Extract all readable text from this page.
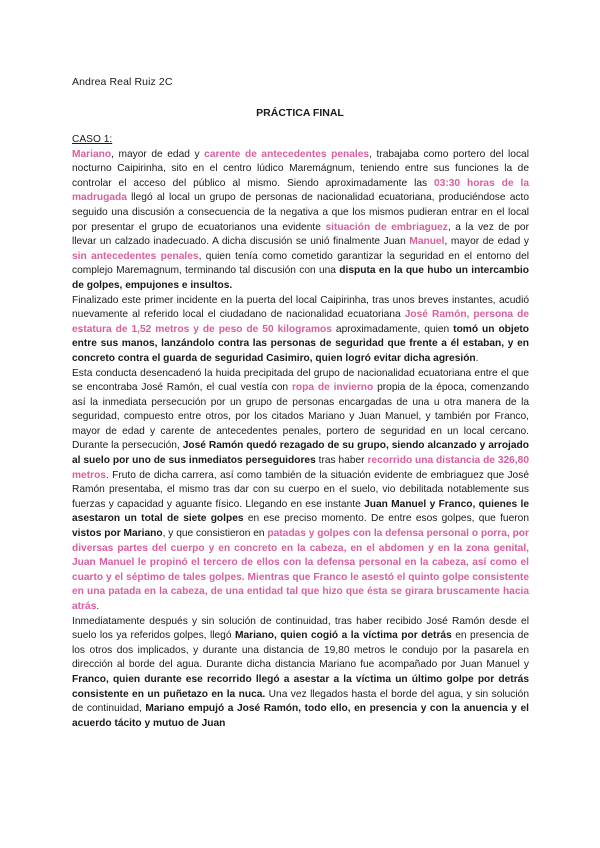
Andrea Real Ruiz 2C
PRÁCTICA FINAL
CASO 1:

Mariano, mayor de edad y carente de antecedentes penales, trabajaba como portero del local nocturno Caipirinha, sito en el centro lúdico Maremágnum, teniendo entre sus funciones la de controlar el acceso del público al mismo. Siendo aproximadamente las 03:30 horas de la madrugada llegó al local un grupo de personas de nacionalidad ecuatoriana, produciéndose acto seguido una discusión a consecuencia de la negativa a que los mismos pudieran entrar en el local por presentar el grupo de ecuatorianos una evidente situación de embriaguez, a la vez de por llevar un calzado inadecuado. A dicha discusión se unió finalmente Juan Manuel, mayor de edad y sin antecedentes penales, quien tenía como cometido garantizar la seguridad en el entorno del complejo Maremagnum, terminando tal discusión con una disputa en la que hubo un intercambio de golpes, empujones e insultos.

Finalizado este primer incidente en la puerta del local Caipirinha, tras unos breves instantes, acudió nuevamente al referido local el ciudadano de nacionalidad ecuatoriana José Ramón, persona de estatura de 1,52 metros y de peso de 50 kilogramos aproximadamente, quien tomó un objeto entre sus manos, lanzándolo contra las personas de seguridad que frente a él estaban, y en concreto contra el guarda de seguridad Casimiro, quien logró evitar dicha agresión.

Esta conducta desencadenó la huida precipitada del grupo de nacionalidad ecuatoriana entre el que se encontraba José Ramón, el cual vestía con ropa de invierno propia de la época, comenzando así la inmediata persecución por un grupo de personas encargadas de una u otra manera de la seguridad, compuesto entre otros, por los citados Mariano y Juan Manuel, y también por Franco, mayor de edad y carente de antecedentes penales, portero de seguridad en un local cercano. Durante la persecución, José Ramón quedó rezagado de su grupo, siendo alcanzado y arrojado al suelo por uno de sus inmediatos perseguidores tras haber recorrido una distancia de 326,80 metros. Fruto de dicha carrera, así como también de la situación evidente de embriaguez que José Ramón presentaba, el mismo tras dar con su cuerpo en el suelo, vio debilitada notablemente sus fuerzas y capacidad y aguante físico. Llegando en ese instante Juan Manuel y Franco, quienes le asestaron un total de siete golpes en ese preciso momento. De entre esos golpes, que fueron vistos por Mariano, y que consistieron en patadas y golpes con la defensa personal o porra, por diversas partes del cuerpo y en concreto en la cabeza, en el abdomen y en la zona genital, Juan Manuel le propinó el tercero de ellos con la defensa personal en la cabeza, así como el cuarto y el séptimo de tales golpes. Mientras que Franco le asestó el quinto golpe consistente en una patada en la cabeza, de una entidad tal que hizo que ésta se girara bruscamente hacia atrás.

Inmediatamente después y sin solución de continuidad, tras haber recibido José Ramón desde el suelo los ya referidos golpes, llegó Mariano, quien cogió a la víctima por detrás en presencia de los otros dos implicados, y durante una distancia de 19,80 metros le condujo por la pasarela en dirección al borde del agua. Durante dicha distancia Mariano fue acompañado por Juan Manuel y Franco, quien durante ese recorrido llegó a asestar a la víctima un último golpe por detrás consistente en un puñetazo en la nuca. Una vez llegados hasta el borde del agua, y sin solución de continuidad, Mariano empujó a José Ramón, todo ello, en presencia y con la anuencia y el acuerdo tácito y mutuo de Juan
